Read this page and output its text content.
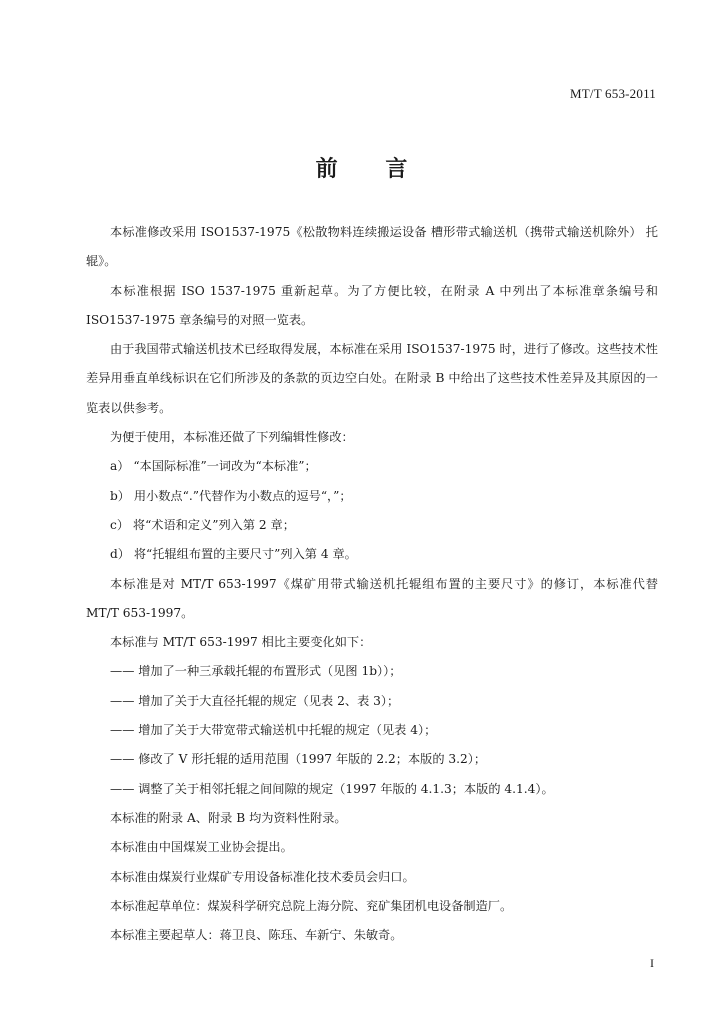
MT/T 653-2011
前 言

本标准修改采用 ISO1537-1975《松散物料连续搬运设备 槽形带式输送机（携带式输送机除外） 托辊》。

本标准根据 ISO 1537-1975 重新起草。为了方便比较，在附录 A 中列出了本标准章条编号和 ISO1537-1975 章条编号的对照一览表。

由于我国带式输送机技术已经取得发展，本标准在采用 ISO1537-1975 时，进行了修改。这些技术性差异用垂直单线标识在它们所涉及的条款的页边空白处。在附录 B 中给出了这些技术性差异及其原因的一览表以供参考。

为便于使用，本标准还做了下列编辑性修改：

a） “本国际标准”一词改为“本标准”；

b） 用小数点“.”代替作为小数点的逗号“，”；

c） 将“术语和定义”列入第 2 章；

d） 将“托辊组布置的主要尺寸”列入第 4 章。

本标准是对 MT/T 653-1997《煤矿用带式输送机托辊组布置的主要尺寸》的修订，本标准代替 MT/T 653-1997。

本标准与 MT/T 653-1997 相比主要变化如下：

—— 增加了一种三承载托辊的布置形式（见图 1b））；

—— 增加了关于大直径托辊的规定（见表 2、表 3）；

—— 增加了关于大带宽带式输送机中托辊的规定（见表 4）；

—— 修改了 V 形托辊的适用范围（1997 年版的 2.2；本版的 3.2）；

—— 调整了关于相邻托辊之间间隙的规定（1997 年版的 4.1.3；本版的 4.1.4）。

本标准的附录 A、附录 B 均为资料性附录。

本标准由中国煤炭工业协会提出。

本标准由煤炭行业煤矿专用设备标准化技术委员会归口。

本标准起草单位：煤炭科学研究总院上海分院、兖矿集团机电设备制造厂。

本标准主要起草人：蒋卫良、陈珏、车新宁、朱敏奇。

I
